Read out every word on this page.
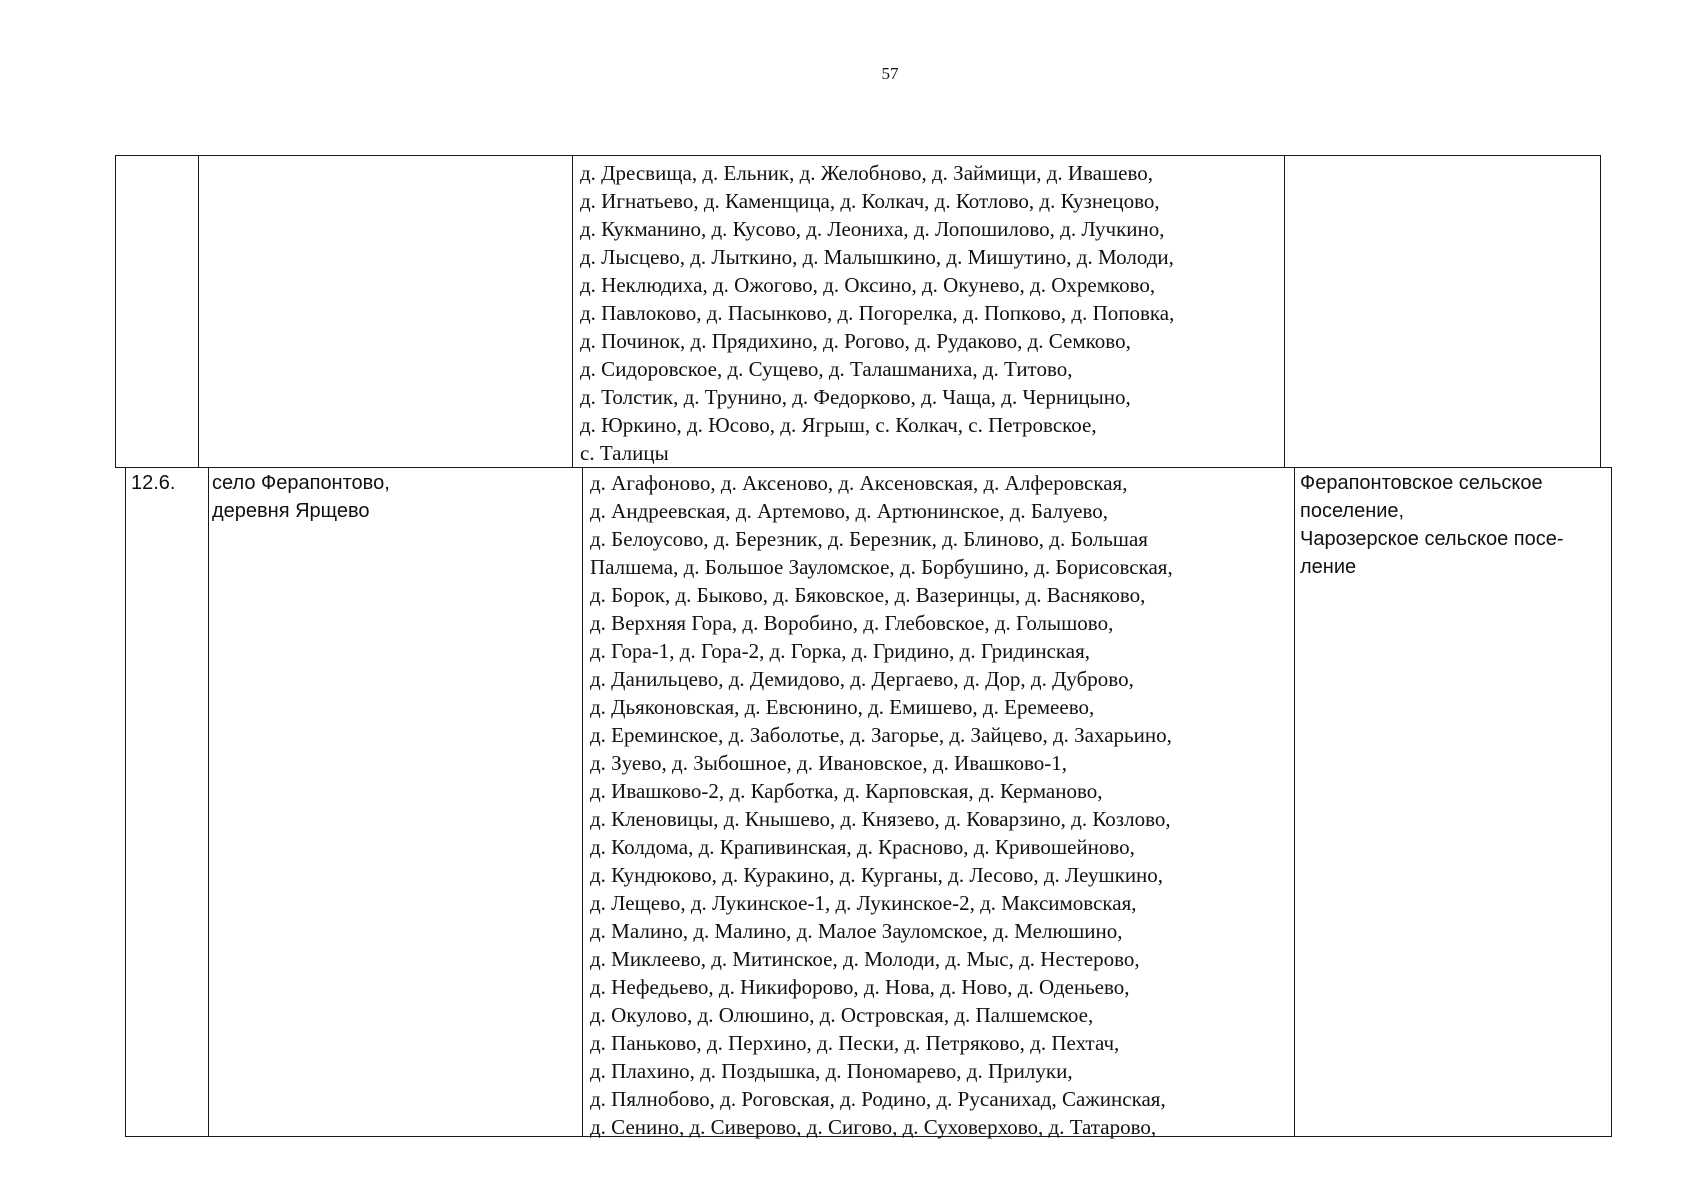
57
д. Дресвища, д. Ельник, д. Желобново, д. Займищи, д. Ивашево,
д. Игнатьево, д. Каменщица, д. Колкач, д. Котлово, д. Кузнецово,
д. Кукманино, д. Кусово, д. Леониха, д. Лопошилово, д. Лучкино,
д. Лысцево, д. Лыткино, д. Малышкино, д. Мишутино, д. Молоди,
д. Неклюдиха, д. Ожогово, д. Оксино, д. Окунево, д. Охремково,
д. Павлоково, д. Пасынково, д. Погорелка, д. Попково, д. Поповка,
д. Починок, д. Прядихино, д. Рогово, д. Рудаково, д. Семково,
д. Сидоровское, д. Сущево, д. Талашманиха, д. Титово,
д. Толстик, д. Трунино, д. Федорково, д. Чаща, д. Черницыно,
д. Юркино, д. Юсово, д. Ягрыш, с. Колкач, с. Петровское,
с. Талицы
12.6. село Ферапонтово,
деревня Ярщево
д. Агафоново, д. Аксеново, д. Аксеновская, д. Алферовская,
д. Андреевская, д. Артемово, д. Артюнинское, д. Балуево,
д. Белоусово, д. Березник, д. Березник, д. Блиново, д. Большая
Палшема, д. Большое Зауломское, д. Борбушино, д. Борисовская,
д. Борок, д. Быково, д. Бяковское, д. Вазеринцы, д. Васняково,
д. Верхняя Гора, д. Воробино, д. Глебовское, д. Голышово,
д. Гора-1, д. Гора-2, д. Горка, д. Гридино, д. Гридинская,
д. Данильцево, д. Демидово, д. Дергаево, д. Дор, д. Дуброво,
д. Дьяконовская, д. Евсюнино, д. Емишево, д. Еремеево,
д. Ереминское, д. Заболотье, д. Загорье, д. Зайцево, д. Захарьино,
д. Зуево, д. Зыбошное, д. Ивановское, д. Ивашково-1,
д. Ивашково-2, д. Карботка, д. Карповская, д. Керманово,
д. Кленовицы, д. Кнышево, д. Князево, д. Коварзино, д. Козлово,
д. Колдома, д. Крапивинская, д. Красново, д. Кривошейново,
д. Кундюково, д. Куракино, д. Курганы, д. Лесово, д. Леушкино,
д. Лещево, д. Лукинское-1, д. Лукинское-2, д. Максимовская,
д. Малино, д. Малино, д. Малое Зауломское, д. Мелюшино,
д. Миклеево, д. Митинское, д. Молоди, д. Мыс, д. Нестерово,
д. Нефедьево, д. Никифорово, д. Нова, д. Ново, д. Оденьево,
д. Окулово, д. Олюшино, д. Островская, д. Палшемское,
д. Паньково, д. Перхино, д. Пески, д. Петряково, д. Пехтач,
д. Плахино, д. Поздышка, д. Пономарево, д. Прилуки,
д. Пялнобово, д. Роговская, д. Родино, д. Русанихад, Сажинская,
д. Сенино, д. Сиверово, д. Сигово, д. Суховерхово, д. Татарово,
Ферапонтовское сельское
поселение,
Чарозерское сельское посе-
ление
